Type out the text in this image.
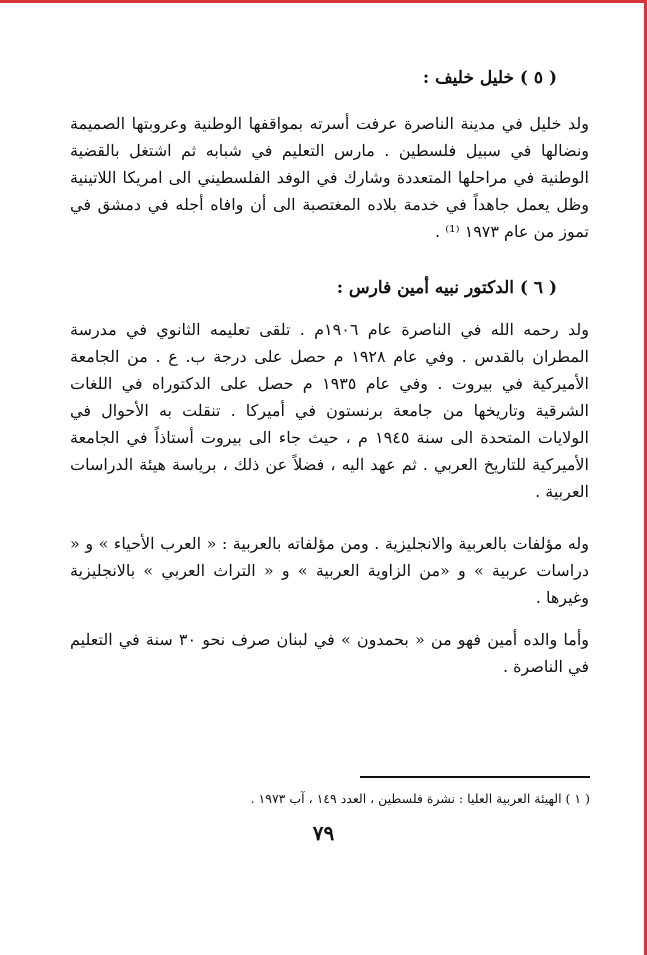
( ٥ ) خليل خليف :
ولد خليل في مدينة الناصرة عرفت أسرته بمواقفها الوطنية وعروبتها الصميمة ونضالها في سبيل فلسطين . مارس التعليم في شبابه ثم اشتغل بالقضية الوطنية في مراحلها المتعددة وشارك في الوفد الفلسطيني الى امريكا اللاتينية وظل يعمل جاهداً في خدمة بلاده المغتصبة الى أن وافاه أجله في دمشق في تموز من عام ١٩٧٣ ⁽¹⁾ .
( ٦ ) الدكتور نبيه أمين فارس :
ولد رحمه الله في الناصرة عام ١٩٠٦م . تلقى تعليمه الثانوي في مدرسة المطران بالقدس . وفي عام ١٩٢٨ م حصل على درجة ب. ع . من الجامعة الأميركية في بيروت . وفي عام ١٩٣٥ م حصل على الدكتوراه في اللغات الشرقية وتاريخها من جامعة برنستون في أميركا . تنقلت به الأحوال في الولايات المتحدة الى سنة ١٩٤٥ م ، حيث جاء الى بيروت أستاذاً في الجامعة الأميركية للتاريخ العربي . ثم عهد اليه ، فضلاً عن ذلك ، برياسة هيئة الدراسات العربية .
وله مؤلفات بالعربية والانجليزية . ومن مؤلفاته بالعربية : « العرب الأحياء » و « دراسات عربية » و «من الزاوية العربية » و « التراث العربي » بالانجليزية وغيرها .
وأما والده أمين فهو من « بحمدون » في لبنان صرف نحو ٣٠ سنة في التعليم في الناصرة .
( ١ ) الهيئة العربية العليا : نشرة فلسطين ، العدد ١٤٩ ، آب ١٩٧٣ .
٧٩
